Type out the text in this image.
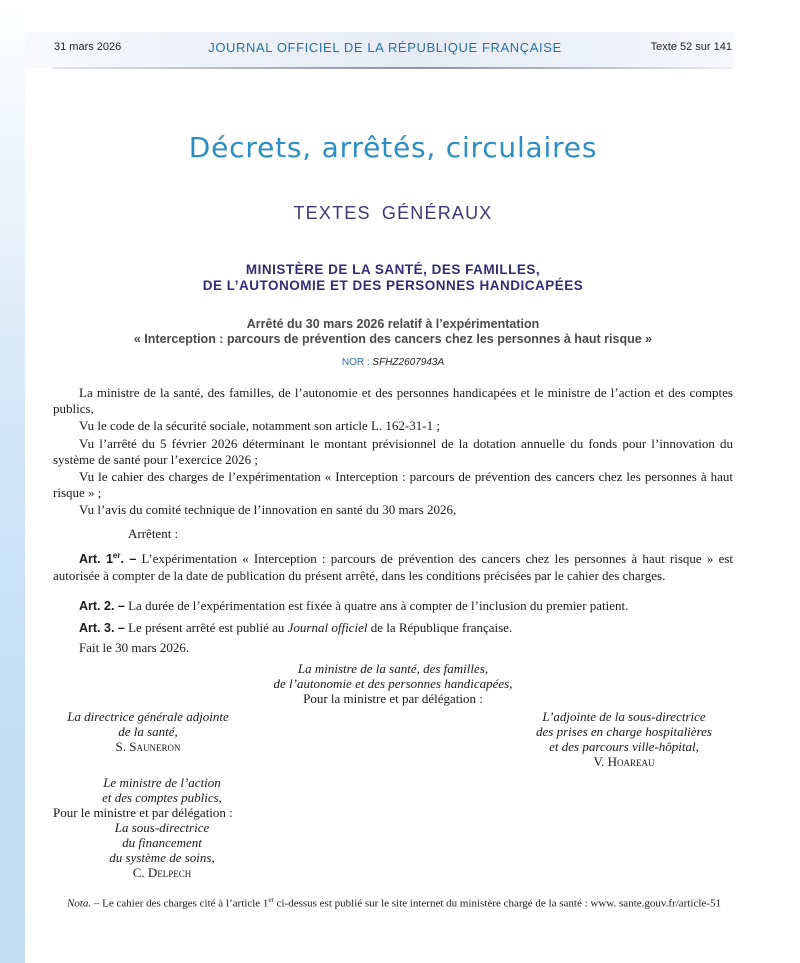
31 mars 2026	JOURNAL OFFICIEL DE LA RÉPUBLIQUE FRANÇAISE	Texte 52 sur 141
Décrets, arrêtés, circulaires
TEXTES GÉNÉRAUX
MINISTÈRE DE LA SANTÉ, DES FAMILLES,
DE L’AUTONOMIE ET DES PERSONNES HANDICAPÉES
Arrêté du 30 mars 2026 relatif à l’expérimentation
« Interception : parcours de prévention des cancers chez les personnes à haut risque »
NOR : SFHZ2607943A

La ministre de la santé, des familles, de l’autonomie et des personnes handicapées et le ministre de l’action et des comptes publics,

Vu le code de la sécurité sociale, notamment son article L. 162-31-1 ;

Vu l’arrêté du 5 février 2026 déterminant le montant prévisionnel de la dotation annuelle du fonds pour l’innovation du système de santé pour l’exercice 2026 ;

Vu le cahier des charges de l’expérimentation « Interception : parcours de prévention des cancers chez les personnes à haut risque » ;

Vu l’avis du comité technique de l’innovation en santé du 30 mars 2026,

Arrêtent :

Art. 1er. – L’expérimentation « Interception : parcours de prévention des cancers chez les personnes à haut risque » est autorisée à compter de la date de publication du présent arrêté, dans les conditions précisées par le cahier des charges.

Art. 2. – La durée de l’expérimentation est fixée à quatre ans à compter de l’inclusion du premier patient.

Art. 3. – Le présent arrêté est publié au Journal officiel de la République française.

Fait le 30 mars 2026.

La ministre de la santé, des familles,
de l’autonomie et des personnes handicapées,
Pour la ministre et par délégation :
La directrice générale adjointe
de la santé,
S. Sauneron
L’adjointe de la sous-directrice
des prises en charge hospitalières
et des parcours ville-hôpital,
V. Hoareau
Le ministre de l’action
et des comptes publics,
Pour le ministre et par délégation :
La sous-directrice
du financement
du système de soins,
C. Delpech

Nota. – Le cahier des charges cité à l’article 1er ci-dessus est publié sur le site internet du ministère chargé de la santé : www. sante.gouv.fr/article-51
